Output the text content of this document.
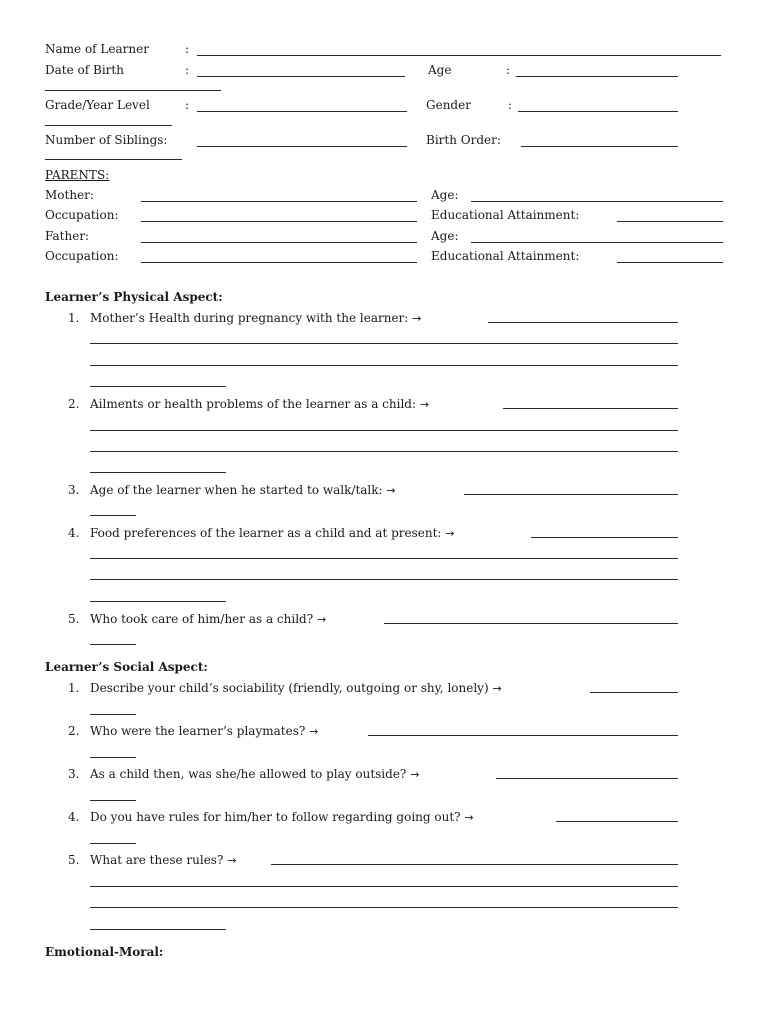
Name of Learner	:
Date of Birth	:	Age	:
Grade/Year Level	:	Gender	:
Number of Siblings:	Birth Order:
PARENTS:
Mother:	Age:
Occupation:	Educational Attainment:
Father:	Age:
Occupation:	Educational Attainment:
Learner’s Physical Aspect:
1. Mother’s Health during pregnancy with the learner: →
2. Ailments or health problems of the learner as a child: →
3. Age of the learner when he started to walk/talk: →
4. Food preferences of the learner as a child and at present: →
5. Who took care of him/her as a child? →
Learner’s Social Aspect:
1. Describe your child’s sociability (friendly, outgoing or shy, lonely) →
2. Who were the learner’s playmates? →
3. As a child then, was she/he allowed to play outside? →
4. Do you have rules for him/her to follow regarding going out? →
5. What are these rules? →
Emotional-Moral:
